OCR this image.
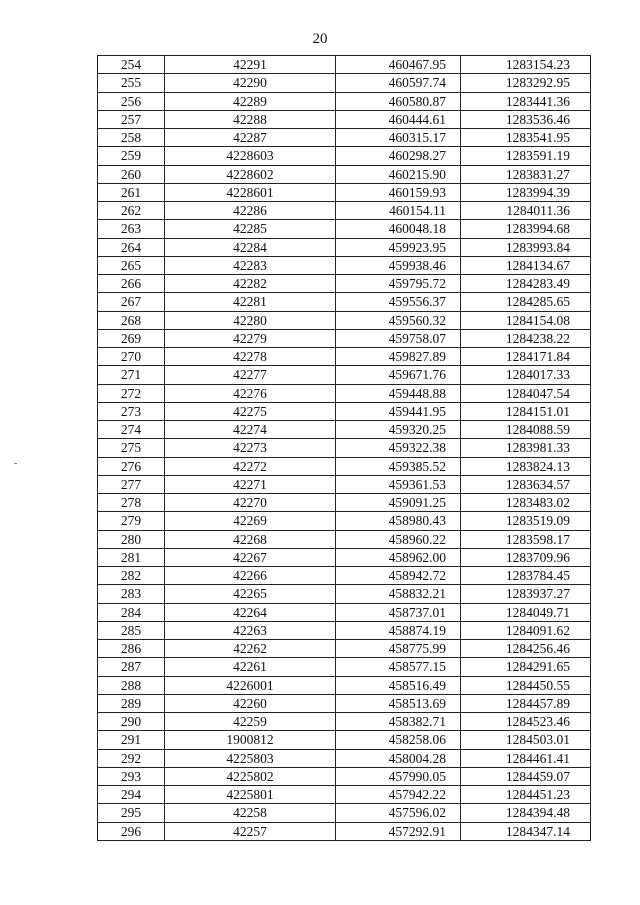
20
-
254	42291	460467.95	1283154.23
255	42290	460597.74	1283292.95
256	42289	460580.87	1283441.36
257	42288	460444.61	1283536.46
258	42287	460315.17	1283541.95
259	4228603	460298.27	1283591.19
260	4228602	460215.90	1283831.27
261	4228601	460159.93	1283994.39
262	42286	460154.11	1284011.36
263	42285	460048.18	1283994.68
264	42284	459923.95	1283993.84
265	42283	459938.46	1284134.67
266	42282	459795.72	1284283.49
267	42281	459556.37	1284285.65
268	42280	459560.32	1284154.08
269	42279	459758.07	1284238.22
270	42278	459827.89	1284171.84
271	42277	459671.76	1284017.33
272	42276	459448.88	1284047.54
273	42275	459441.95	1284151.01
274	42274	459320.25	1284088.59
275	42273	459322.38	1283981.33
276	42272	459385.52	1283824.13
277	42271	459361.53	1283634.57
278	42270	459091.25	1283483.02
279	42269	458980.43	1283519.09
280	42268	458960.22	1283598.17
281	42267	458962.00	1283709.96
282	42266	458942.72	1283784.45
283	42265	458832.21	1283937.27
284	42264	458737.01	1284049.71
285	42263	458874.19	1284091.62
286	42262	458775.99	1284256.46
287	42261	458577.15	1284291.65
288	4226001	458516.49	1284450.55
289	42260	458513.69	1284457.89
290	42259	458382.71	1284523.46
291	1900812	458258.06	1284503.01
292	4225803	458004.28	1284461.41
293	4225802	457990.05	1284459.07
294	4225801	457942.22	1284451.23
295	42258	457596.02	1284394.48
296	42257	457292.91	1284347.14
